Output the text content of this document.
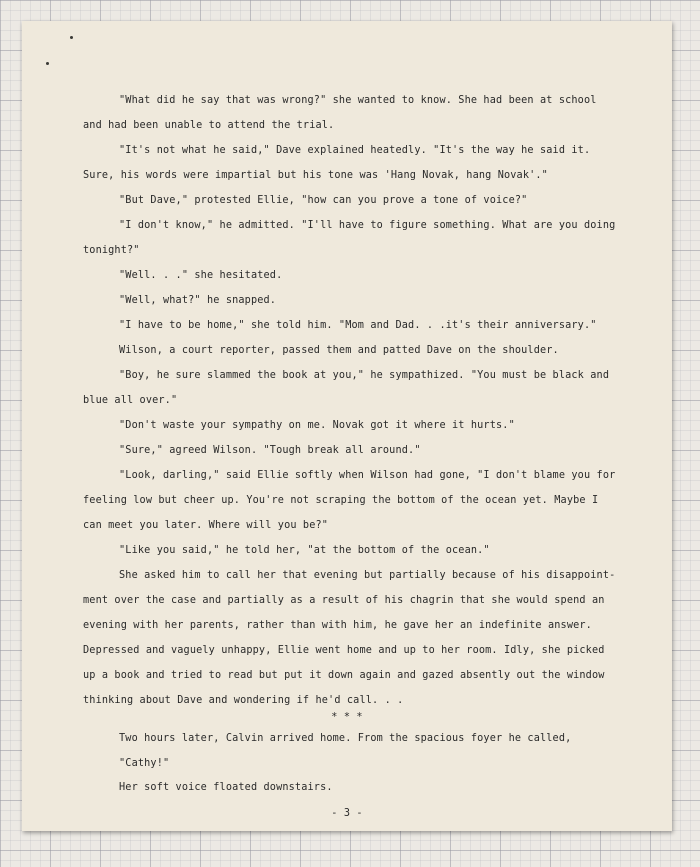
"What did he say that was wrong?" she wanted to know. She had been at school

and had been unable to attend the trial.

"It's not what he said," Dave explained heatedly. "It's the way he said it.

Sure, his words were impartial but his tone was 'Hang Novak, hang Novak'."

"But Dave," protested Ellie, "how can you prove a tone of voice?"

"I don't know," he admitted. "I'll have to figure something. What are you doing

tonight?"

"Well. . ." she hesitated.

"Well, what?" he snapped.

"I have to be home," she told him. "Mom and Dad. . .it's their anniversary."

Wilson, a court reporter, passed them and patted Dave on the shoulder.

"Boy, he sure slammed the book at you," he sympathized. "You must be black and

blue all over."

"Don't waste your sympathy on me. Novak got it where it hurts."

"Sure," agreed Wilson. "Tough break all around."

"Look, darling," said Ellie softly when Wilson had gone, "I don't blame you for

feeling low but cheer up. You're not scraping the bottom of the ocean yet. Maybe I

can meet you later. Where will you be?"

"Like you said," he told her, "at the bottom of the ocean."

She asked him to call her that evening but partially because of his disappoint-

ment over the case and partially as a result of his chagrin that she would spend an

evening with her parents, rather than with him, he gave her an indefinite answer.

Depressed and vaguely unhappy, Ellie went home and up to her room. Idly, she picked

up a book and tried to read but put it down again and gazed absently out the window

thinking about Dave and wondering if he'd call. . .

* * *

Two hours later, Calvin arrived home. From the spacious foyer he called,

"Cathy!"

Her soft voice floated downstairs.

- 3 -
